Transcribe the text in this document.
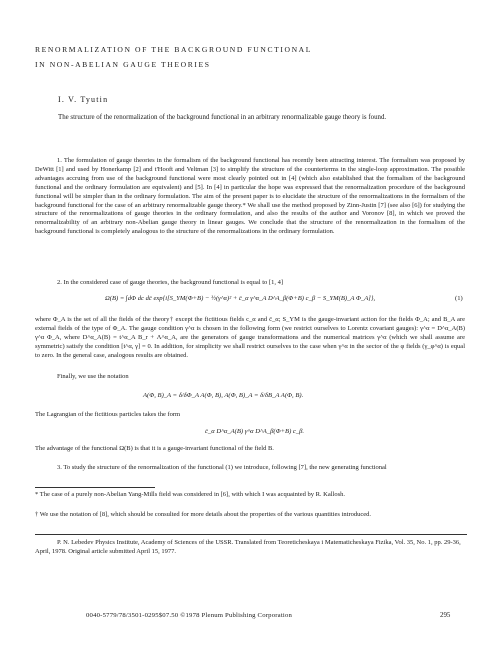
RENORMALIZATION OF THE BACKGROUND FUNCTIONAL
IN NON-ABELIAN GAUGE THEORIES
I. V. Tyutin
The structure of the renormalization of the background functional in an arbitrary renormalizable gauge theory is found.
1. The formulation of gauge theories in the formalism of the background functional has recently been attracting interest. The formalism was proposed by DeWitt [1] and used by Honerkamp [2] and t'Hooft and Veltman [3] to simplify the structure of the counterterms in the single-loop approximation. The possible advantages accruing from use of the background functional were most clearly pointed out in [4] (which also established that the formalism of the background functional and the ordinary formulation are equivalent) and [5]. In [4] in particular the hope was expressed that the renormalization procedure of the background functional will be simpler than in the ordinary formulation. The aim of the present paper is to elucidate the structure of the renormalizations in the formalism of the background functional for the case of an arbitrary renormalizable gauge theory.* We shall use the method proposed by Zinn-Justin [7] (see also [6]) for studying the structure of the renormalizations of gauge theories in the ordinary formulation, and also the results of the author and Voronov [8], in which we proved the renormalizability of an arbitrary non-Abelian gauge theory in linear gauges. We conclude that the structure of the renormalization in the formalism of the background functional is completely analogous to the structure of the renormalizations in the ordinary formulation.
2. In the considered case of gauge theories, the background functional is equal to [1, 4]
Ω(B) = ∫dΦ dc dc̄ exp{i[S_YM(Φ+B) − ½(γ^α)² + c̄_α γ^α_A D^A_β(Φ+B) c_β − S_YM(B)_A Φ_A]},	(1)
where Φ_A is the set of all the fields of the theory† except the fictitious fields c_α and c̄_α; S_YM is the gauge-invariant action for the fields Φ_A; and B_A are external fields of the type of Φ_A. The gauge condition γ^α is chosen in the following form (we restrict ourselves to Lorentz covariant gauges): γ^α = D^α_A(B) γ^α Φ_A, where D^α_A(B) = t^α_A B_r + Λ^α_A, are the generators of gauge transformations and the numerical matrices γ^α (which we shall assume are symmetric) satisfy the condition [t^α, γ] = 0. In addition, for simplicity we shall restrict ourselves to the case when γ^α in the sector of the φ fields (γ_φ^α) is equal to zero. In the general case, analogous results are obtained.
Finally, we use the notation
A(Φ, B)_A = δ/δΦ_A A(Φ, B), A(Φ, B)_A = δ/δB_A A(Φ, B).
The Lagrangian of the fictitious particles takes the form
c̄_α D^α_A(B) γ^α D^A_β(Φ+B) c_β.
The advantage of the functional Ω(B) is that it is a gauge-invariant functional of the field B.
3. To study the structure of the renormalization of the functional (1) we introduce, following [7], the new generating functional
* The case of a purely non-Abelian Yang-Mills field was considered in [6], with which I was acquainted by R. Kallosh.
† We use the notation of [8], which should be consulted for more details about the properties of the various quantities introduced.
P. N. Lebedev Physics Institute, Academy of Sciences of the USSR. Translated from Teoreticheskaya i Matematicheskaya Fizika, Vol. 35, No. 1, pp. 29-36, April, 1978. Original article submitted April 15, 1977.
0040-5779/78/3501-0295$07.50 ©1978 Plenum Publishing Corporation	295
